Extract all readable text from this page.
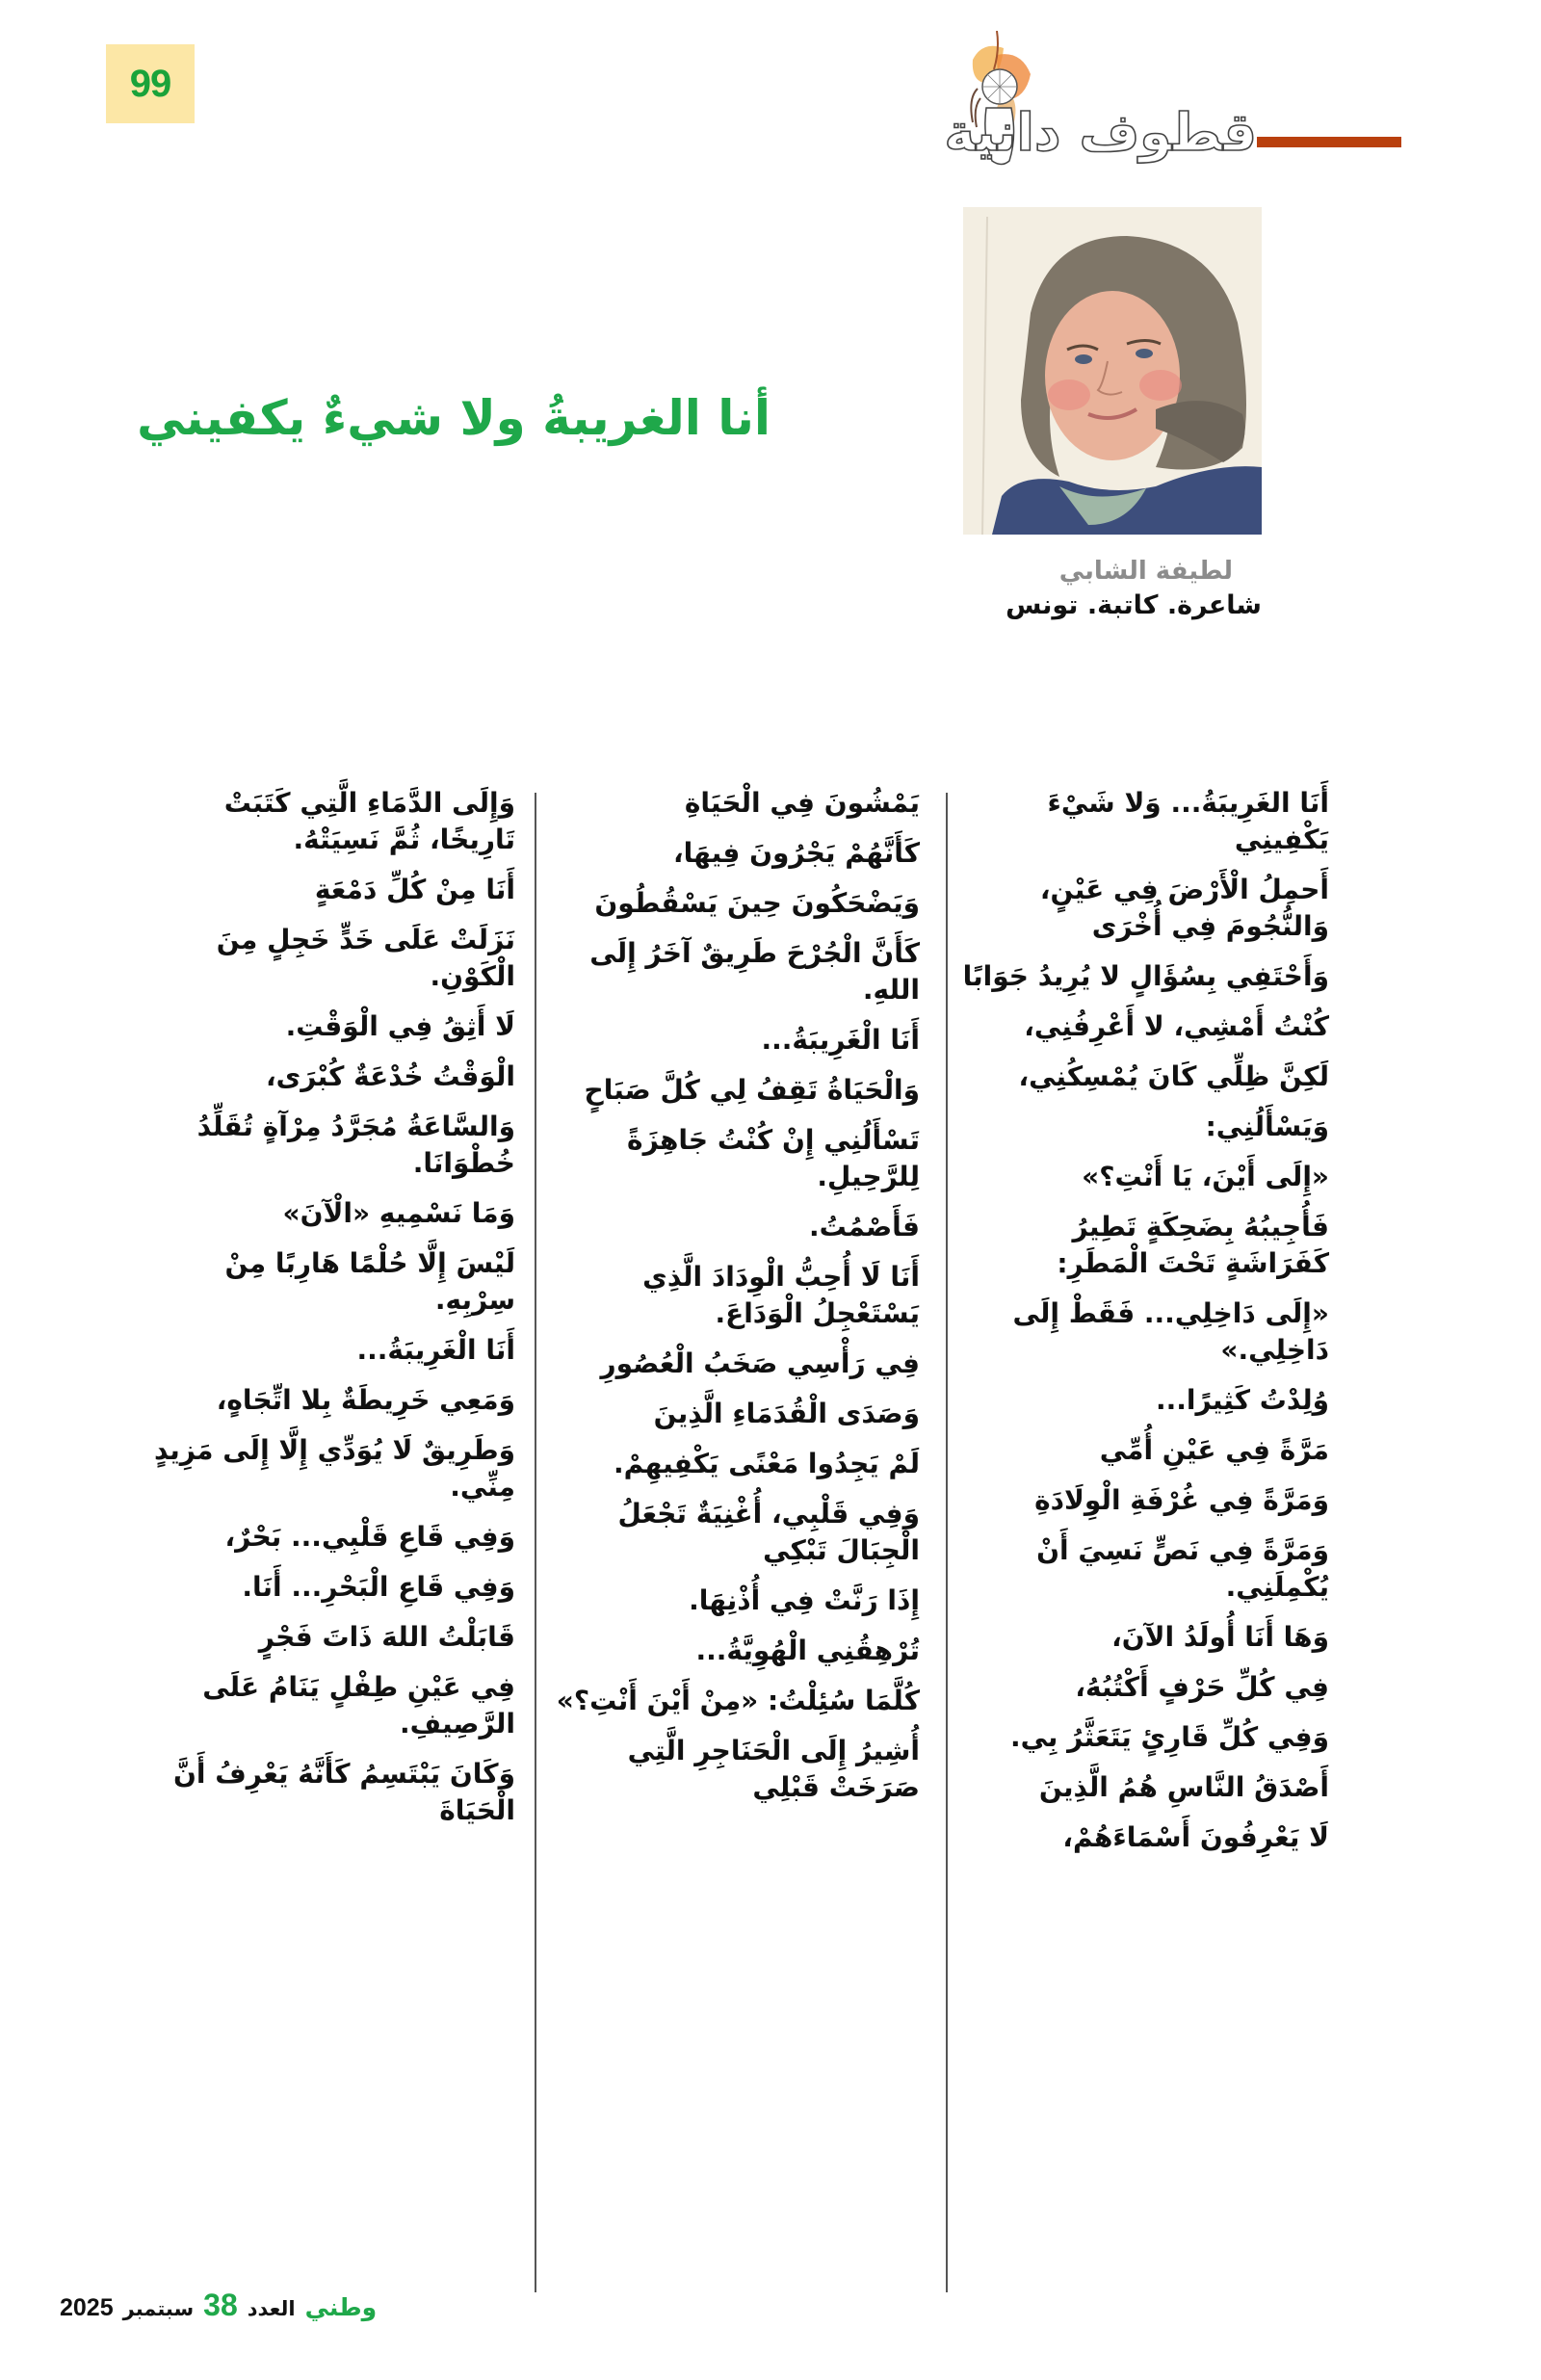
99
قطوف دانية
أنا الغريبةُ ولا شيءٌ يكفيني
لطيفة الشابي
شاعرة. كاتبة. تونس
أَنَا الغَرِيبَةُ... وَلا شَيْءَ
يَكْفِينِي
أَحمِلُ الْأَرْضَ فِي عَيْنٍ،
وَالنُّجُومَ فِي أُخْرَى
وَأَحْتَفِي بِسُؤَالٍ لا يُرِيدُ جَوَابًا
كُنْتُ أَمْشِي، لا أَعْرِفُنِي،
لَكِنَّ ظِلِّي كَانَ يُمْسِكُنِي،
وَيَسْأَلُنِي:
«إِلَى أَيْنَ، يَا أَنْتِ؟»
فَأُجِيبُهُ بِضَحِكَةٍ تَطِيرُ
كَفَرَاشَةٍ تَحْتَ الْمَطَرِ:
«إِلَى دَاخِلِي... فَقَطْ إِلَى
دَاخِلِي.»
وُلِدْتُ كَثِيرًا...
مَرَّةً فِي عَيْنِ أُمِّي
وَمَرَّةً فِي غُرْفَةِ الْوِلَادَةِ
وَمَرَّةً فِي نَصٍّ نَسِيَ أَنْ
يُكْمِلَنِي.
وَهَا أَنَا أُولَدُ الآنَ،
فِي كُلِّ حَرْفٍ أَكْتُبُهُ،
وَفِي كُلِّ قَارِئٍ يَتَعَثَّرُ بِي.
أَصْدَقُ النَّاسِ هُمُ الَّذِينَ
لَا يَعْرِفُونَ أَسْمَاءَهُمْ،
يَمْشُونَ فِي الْحَيَاةِ
كَأَنَّهُمْ يَجْرُونَ فِيهَا،
وَيَضْحَكُونَ حِينَ يَسْقُطُونَ
كَأَنَّ الْجُرْحَ طَرِيقٌ آخَرُ إِلَى
اللهِ.
أَنَا الْغَرِيبَةُ...
وَالْحَيَاةُ تَقِفُ لِي كُلَّ صَبَاحٍ
تَسْأَلُنِي إِنْ كُنْتُ جَاهِزَةً
لِلرَّحِيلِ.
فَأَصْمُتُ.
أَنَا لَا أُحِبُّ الْوِدَادَ الَّذِي
يَسْتَعْجِلُ الْوَدَاعَ.
فِي رَأْسِي صَخَبُ الْعُصُورِ
وَصَدَى الْقُدَمَاءِ الَّذِينَ
لَمْ يَجِدُوا مَعْنًى يَكْفِيهِمْ.
وَفِي قَلْبِي، أُغْنِيَةٌ تَجْعَلُ
الْجِبَالَ تَبْكِي
إِذَا رَنَّتْ فِي أُذْنِهَا.
تُرْهِقُنِي الْهُوِيَّةُ...
كُلَّمَا سُئِلْتُ: «مِنْ أَيْنَ أَنْتِ؟»
أُشِيرُ إِلَى الْحَنَاجِرِ الَّتِي
صَرَخَتْ قَبْلِي
وَإِلَى الدَّمَاءِ الَّتِي كَتَبَتْ
تَارِيخًا، ثُمَّ نَسِيَتْهُ.
أَنَا مِنْ كُلِّ دَمْعَةٍ
نَزَلَتْ عَلَى خَدٍّ خَجِلٍ مِنَ
الْكَوْنِ.
لَا أَثِقُ فِي الْوَقْتِ.
الْوَقْتُ خُدْعَةٌ كُبْرَى،
وَالسَّاعَةُ مُجَرَّدُ مِرْآةٍ تُقَلِّدُ
خُطْوَانَا.
وَمَا نَسْمِيهِ «الْآنَ»
لَيْسَ إِلَّا حُلْمًا هَارِبًا مِنْ
سِرْبِهِ.
أَنَا الْغَرِيبَةُ...
وَمَعِي خَرِيطَةٌ بِلا اتِّجَاهٍ،
وَطَرِيقٌ لَا يُوَدِّي إِلَّا إِلَى مَزِيدٍ
مِنِّي.
وَفِي قَاعِ قَلْبِي... بَحْرٌ،
وَفِي قَاعِ الْبَحْرِ... أَنَا.
قَابَلْتُ اللهَ ذَاتَ فَجْرٍ
فِي عَيْنِ طِفْلٍ يَنَامُ عَلَى
الرَّصِيفِ.
وَكَانَ يَبْتَسِمُ كَأَنَّهُ يَعْرِفُ أَنَّ
الْحَيَاةَ
وطني
العدد
38
سبتمبر
2025
